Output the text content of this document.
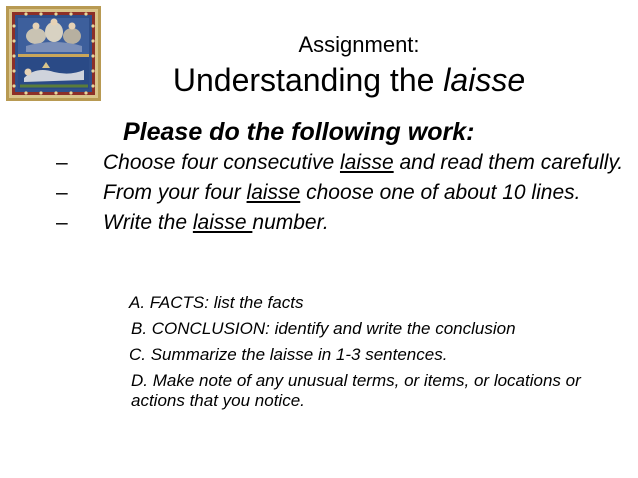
Assignment:
Understanding the laisse
Please do the following work:
– Choose four consecutive laisse and read them carefully.
– From your four laisse choose one of about 10 lines.
– Write the laisse number.
A. FACTS: list the facts
B. CONCLUSION: identify and write the conclusion
C. Summarize the laisse in 1-3 sentences.
D. Make note of any unusual terms, or items, or locations or actions that you notice.
